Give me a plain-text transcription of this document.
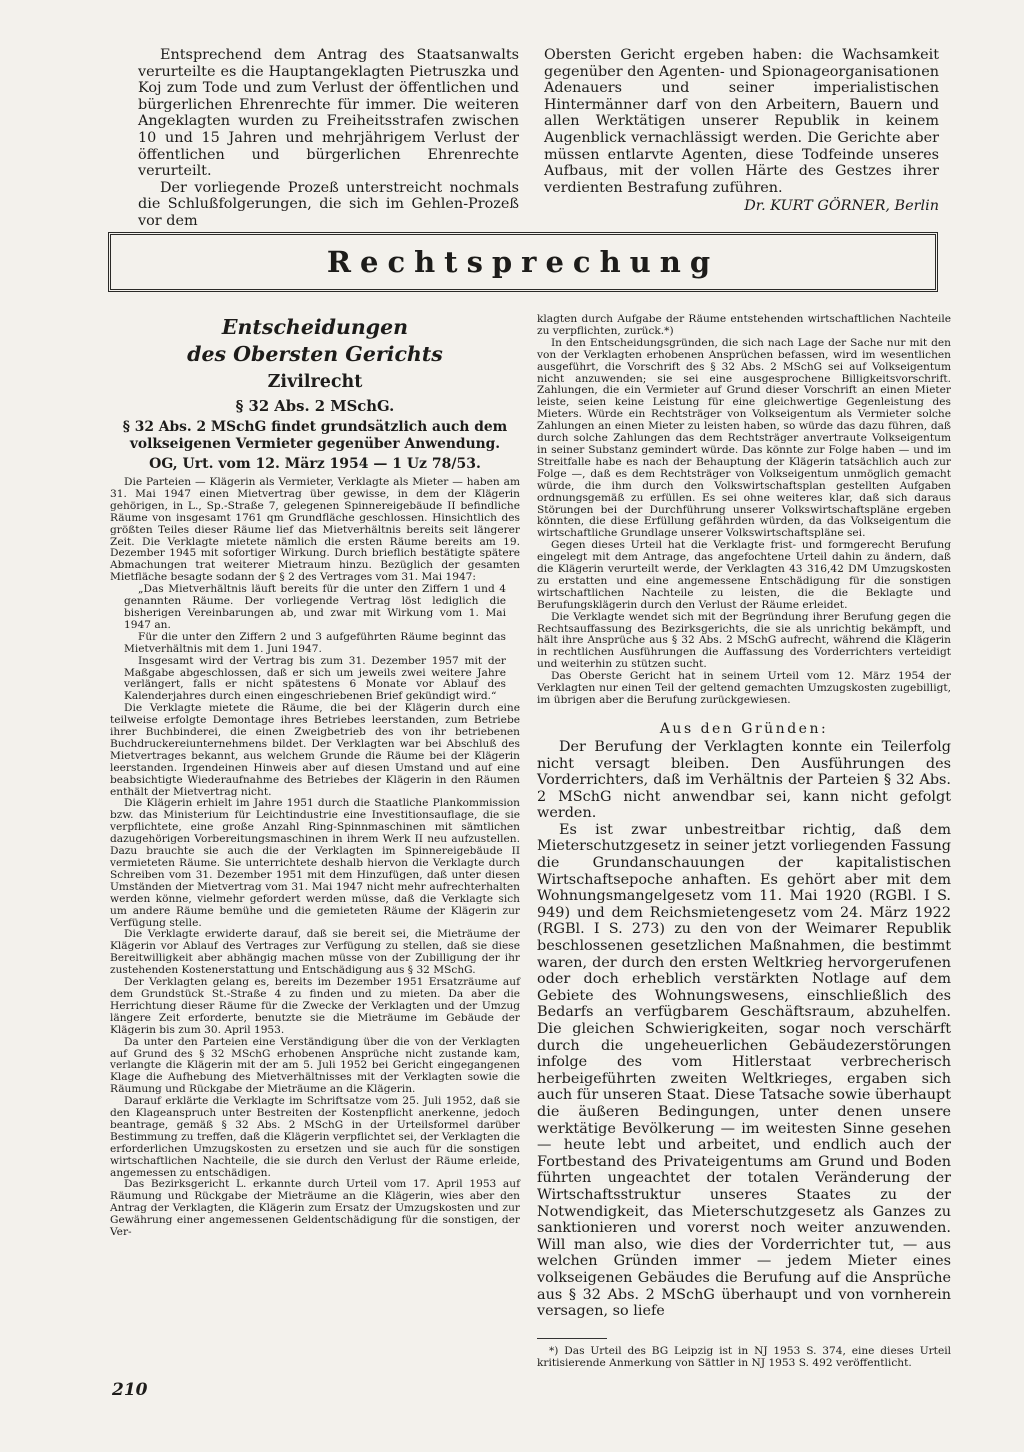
Entsprechend dem Antrag des Staatsanwalts verurteilte es die Hauptangeklagten Pietruszka und Koj zum Tode und zum Verlust der öffentlichen und bürgerlichen Ehrenrechte für immer. Die weiteren Angeklagten wurden zu Freiheitsstrafen zwischen 10 und 15 Jahren und mehrjährigem Verlust der öffentlichen und bürgerlichen Ehrenrechte verurteilt.

Der vorliegende Prozeß unterstreicht nochmals die Schlußfolgerungen, die sich im Gehlen-Prozeß vor dem

Obersten Gericht ergeben haben: die Wachsamkeit gegenüber den Agenten- und Spionageorganisationen Adenauers und seiner imperialistischen Hintermänner darf von den Arbeitern, Bauern und allen Werktätigen unserer Republik in keinem Augenblick vernachlässigt werden. Die Gerichte aber müssen entlarvte Agenten, diese Todfeinde unseres Aufbaus, mit der vollen Härte des Gestzes ihrer verdienten Bestrafung zuführen.

Dr. KURT GÖRNER, Berlin

Rechtsprechung
Entscheidungen
des Obersten Gerichts
Zivilrecht
§ 32 Abs. 2 MSchG.
§ 32 Abs. 2 MSchG findet grundsätzlich auch dem volkseigenen Vermieter gegenüber Anwendung.
OG, Urt. vom 12. März 1954 — 1 Uz 78/53.

Die Parteien — Klägerin als Vermieter, Verklagte als Mieter — haben am 31. Mai 1947 einen Mietvertrag über gewisse, in dem der Klägerin gehörigen, in L., Sp.-Straße 7, gelegenen Spinnereigebäude II befindliche Räume von insgesamt 1761 qm Grundfläche geschlossen. Hinsichtlich des größten Teiles dieser Räume lief das Mietverhältnis bereits seit längerer Zeit. Die Verklagte mietete nämlich die ersten Räume bereits am 19. Dezember 1945 mit sofortiger Wirkung. Durch brieflich bestätigte spätere Abmachungen trat weiterer Mietraum hinzu. Bezüglich der gesamten Mietfläche besagte sodann der § 2 des Vertrages vom 31. Mai 1947:

„Das Mietverhältnis läuft bereits für die unter den Ziffern 1 und 4 genannten Räume. Der vorliegende Vertrag löst lediglich die bisherigen Vereinbarungen ab, und zwar mit Wirkung vom 1. Mai 1947 an.

Für die unter den Ziffern 2 und 3 aufgeführten Räume beginnt das Mietverhältnis mit dem 1. Juni 1947.

Insgesamt wird der Vertrag bis zum 31. Dezember 1957 mit der Maßgabe abgeschlossen, daß er sich um jeweils zwei weitere Jahre verlängert, falls er nicht spätestens 6 Monate vor Ablauf des Kalenderjahres durch einen eingeschriebenen Brief gekündigt wird.“

Die Verklagte mietete die Räume, die bei der Klägerin durch eine teilweise erfolgte Demontage ihres Betriebes leerstanden, zum Betriebe ihrer Buchbinderei, die einen Zweigbetrieb des von ihr betriebenen Buchdruckereiunternehmens bildet. Der Verklagten war bei Abschluß des Mietvertrages bekannt, aus welchem Grunde die Räume bei der Klägerin leerstanden. Irgendeinen Hinweis aber auf diesen Umstand und auf eine beabsichtigte Wiederaufnahme des Betriebes der Klägerin in den Räumen enthält der Mietvertrag nicht.

Die Klägerin erhielt im Jahre 1951 durch die Staatliche Plankommission bzw. das Ministerium für Leichtindustrie eine Investitionsauflage, die sie verpflichtete, eine große Anzahl Ring-Spinnmaschinen mit sämtlichen dazugehörigen Vorbereitungsmaschinen in ihrem Werk II neu aufzustellen. Dazu brauchte sie auch die der Verklagten im Spinnereigebäude II vermieteten Räume. Sie unterrichtete deshalb hiervon die Verklagte durch Schreiben vom 31. Dezember 1951 mit dem Hinzufügen, daß unter diesen Umständen der Mietvertrag vom 31. Mai 1947 nicht mehr aufrechterhalten werden könne, vielmehr gefordert werden müsse, daß die Verklagte sich um andere Räume bemühe und die gemieteten Räume der Klägerin zur Verfügung stelle.

Die Verklagte erwiderte darauf, daß sie bereit sei, die Mieträume der Klägerin vor Ablauf des Vertrages zur Verfügung zu stellen, daß sie diese Bereitwilligkeit aber abhängig machen müsse von der Zubilligung der ihr zustehenden Kostenerstattung und Entschädigung aus § 32 MSchG.

Der Verklagten gelang es, bereits im Dezember 1951 Ersatzräume auf dem Grundstück St.-Straße 4 zu finden und zu mieten. Da aber die Herrichtung dieser Räume für die Zwecke der Verklagten und der Umzug längere Zeit erforderte, benutzte sie die Mieträume im Gebäude der Klägerin bis zum 30. April 1953.

Da unter den Parteien eine Verständigung über die von der Verklagten auf Grund des § 32 MSchG erhobenen Ansprüche nicht zustande kam, verlangte die Klägerin mit der am 5. Juli 1952 bei Gericht eingegangenen Klage die Aufhebung des Mietverhältnisses mit der Verklagten sowie die Räumung und Rückgabe der Mieträume an die Klägerin.

Darauf erklärte die Verklagte im Schriftsatze vom 25. Juli 1952, daß sie den Klageanspruch unter Bestreiten der Kostenpflicht anerkenne, jedoch beantrage, gemäß § 32 Abs. 2 MSchG in der Urteilsformel darüber Bestimmung zu treffen, daß die Klägerin verpflichtet sei, der Verklagten die erforderlichen Umzugskosten zu ersetzen und sie auch für die sonstigen wirtschaftlichen Nachteile, die sie durch den Verlust der Räume erleide, angemessen zu entschädigen.

Das Bezirksgericht L. erkannte durch Urteil vom 17. April 1953 auf Räumung und Rückgabe der Mieträume an die Klägerin, wies aber den Antrag der Verklagten, die Klägerin zum Ersatz der Umzugskosten und zur Gewährung einer angemessenen Geldentschädigung für die sonstigen, der Ver-

klagten durch Aufgabe der Räume entstehenden wirtschaftlichen Nachteile zu verpflichten, zurück.*)

In den Entscheidungsgründen, die sich nach Lage der Sache nur mit den von der Verklagten erhobenen Ansprüchen befassen, wird im wesentlichen ausgeführt, die Vorschrift des § 32 Abs. 2 MSchG sei auf Volkseigentum nicht anzuwenden; sie sei eine ausgesprochene Billigkeitsvorschrift. Zahlungen, die ein Vermieter auf Grund dieser Vorschrift an einen Mieter leiste, seien keine Leistung für eine gleichwertige Gegenleistung des Mieters. Würde ein Rechtsträger von Volkseigentum als Vermieter solche Zahlungen an einen Mieter zu leisten haben, so würde das dazu führen, daß durch solche Zahlungen das dem Rechtsträger anvertraute Volkseigentum in seiner Substanz gemindert würde. Das könnte zur Folge haben — und im Streitfalle habe es nach der Behauptung der Klägerin tatsächlich auch zur Folge —, daß es dem Rechtsträger von Volkseigentum unmöglich gemacht würde, die ihm durch den Volkswirtschaftsplan gestellten Aufgaben ordnungsgemäß zu erfüllen. Es sei ohne weiteres klar, daß sich daraus Störungen bei der Durchführung unserer Volkswirtschaftspläne ergeben könnten, die diese Erfüllung gefährden würden, da das Volkseigentum die wirtschaftliche Grundlage unserer Volkswirtschaftspläne sei.

Gegen dieses Urteil hat die Verklagte frist- und formgerecht Berufung eingelegt mit dem Antrage, das angefochtene Urteil dahin zu ändern, daß die Klägerin verurteilt werde, der Verklagten 43 316,42 DM Umzugskosten zu erstatten und eine angemessene Entschädigung für die sonstigen wirtschaftlichen Nachteile zu leisten, die die Beklagte und Berufungsklägerin durch den Verlust der Räume erleidet.

Die Verklagte wendet sich mit der Begründung ihrer Berufung gegen die Rechtsauffassung des Bezirksgerichts, die sie als unrichtig bekämpft, und hält ihre Ansprüche aus § 32 Abs. 2 MSchG aufrecht, während die Klägerin in rechtlichen Ausführungen die Auffassung des Vorderrichters verteidigt und weiterhin zu stützen sucht.

Das Oberste Gericht hat in seinem Urteil vom 12. März 1954 der Verklagten nur einen Teil der geltend gemachten Umzugskosten zugebilligt, im übrigen aber die Berufung zurückgewiesen.

Aus den Gründen:

Der Berufung der Verklagten konnte ein Teilerfolg nicht versagt bleiben. Den Ausführungen des Vorderrichters, daß im Verhältnis der Parteien § 32 Abs. 2 MSchG nicht anwendbar sei, kann nicht gefolgt werden.

Es ist zwar unbestreitbar richtig, daß dem Mieterschutzgesetz in seiner jetzt vorliegenden Fassung die Grundanschauungen der kapitalistischen Wirtschaftsepoche anhaften. Es gehört aber mit dem Wohnungsmangelgesetz vom 11. Mai 1920 (RGBl. I S. 949) und dem Reichsmietengesetz vom 24. März 1922 (RGBl. I S. 273) zu den von der Weimarer Republik beschlossenen gesetzlichen Maßnahmen, die bestimmt waren, der durch den ersten Weltkrieg hervorgerufenen oder doch erheblich verstärkten Notlage auf dem Gebiete des Wohnungswesens, einschließlich des Bedarfs an verfügbarem Geschäftsraum, abzuhelfen. Die gleichen Schwierigkeiten, sogar noch verschärft durch die ungeheuerlichen Gebäudezerstörungen infolge des vom Hitlerstaat verbrecherisch herbeigeführten zweiten Weltkrieges, ergaben sich auch für unseren Staat. Diese Tatsache sowie überhaupt die äußeren Bedingungen, unter denen unsere werktätige Bevölkerung — im weitesten Sinne gesehen — heute lebt und arbeitet, und endlich auch der Fortbestand des Privateigentums am Grund und Boden führten ungeachtet der totalen Veränderung der Wirtschaftsstruktur unseres Staates zu der Notwendigkeit, das Mieterschutzgesetz als Ganzes zu sanktionieren und vorerst noch weiter anzuwenden. Will man also, wie dies der Vorderrichter tut, — aus welchen Gründen immer — jedem Mieter eines volkseigenen Gebäudes die Berufung auf die Ansprüche aus § 32 Abs. 2 MSchG überhaupt und von vornherein versagen, so liefe

*) Das Urteil des BG Leipzig ist in NJ 1953 S. 374, eine dieses Urteil kritisierende Anmerkung von Sättler in NJ 1953 S. 492 veröffentlicht.

210
